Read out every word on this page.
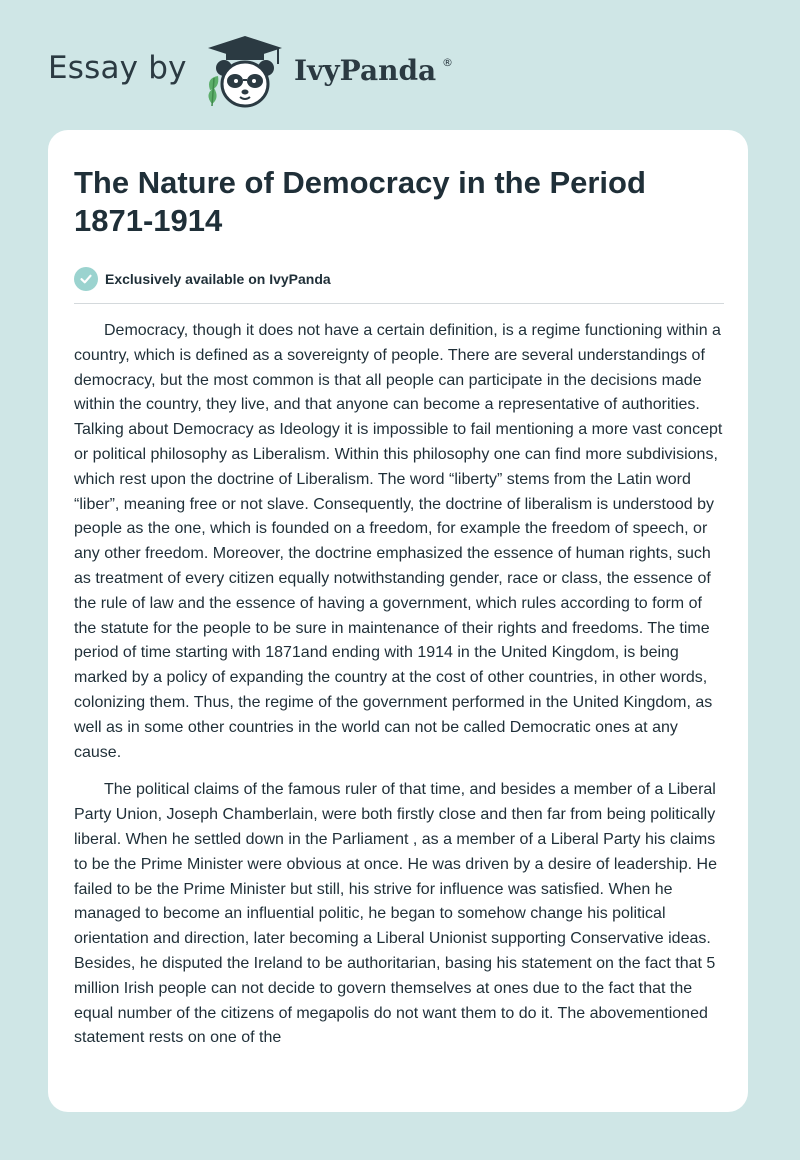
Essay by	IvyPanda ®
The Nature of Democracy in the Period 1871-1914
Exclusively available on IvyPanda

Democracy, though it does not have a certain definition, is a regime functioning within a country, which is defined as a sovereignty of people. There are several understandings of democracy, but the most common is that all people can participate in the decisions made within the country, they live, and that anyone can become a representative of authorities. Talking about Democracy as Ideology it is impossible to fail mentioning a more vast concept or political philosophy as Liberalism. Within this philosophy one can find more subdivisions, which rest upon the doctrine of Liberalism. The word “liberty” stems from the Latin word “liber”, meaning free or not slave. Consequently, the doctrine of liberalism is understood by people as the one, which is founded on a freedom, for example the freedom of speech, or any other freedom. Moreover, the doctrine emphasized the essence of human rights, such as treatment of every citizen equally notwithstanding gender, race or class, the essence of the rule of law and the essence of having a government, which rules according to form of the statute for the people to be sure in maintenance of their rights and freedoms. The time period of time starting with 1871and ending with 1914 in the United Kingdom, is being marked by a policy of expanding the country at the cost of other countries, in other words, colonizing them. Thus, the regime of the government performed in the United Kingdom, as well as in some other countries in the world can not be called Democratic ones at any cause.

The political claims of the famous ruler of that time, and besides a member of a Liberal Party Union, Joseph Chamberlain, were both firstly close and then far from being politically liberal. When he settled down in the Parliament , as a member of a Liberal Party his claims to be the Prime Minister were obvious at once. He was driven by a desire of leadership. He failed to be the Prime Minister but still, his strive for influence was satisfied. When he managed to become an influential politic, he began to somehow change his political orientation and direction, later becoming a Liberal Unionist supporting Conservative ideas. Besides, he disputed the Ireland to be authoritarian, basing his statement on the fact that 5 million Irish people can not decide to govern themselves at ones due to the fact that the equal number of the citizens of megapolis do not want them to do it. The abovementioned statement rests on one of the
